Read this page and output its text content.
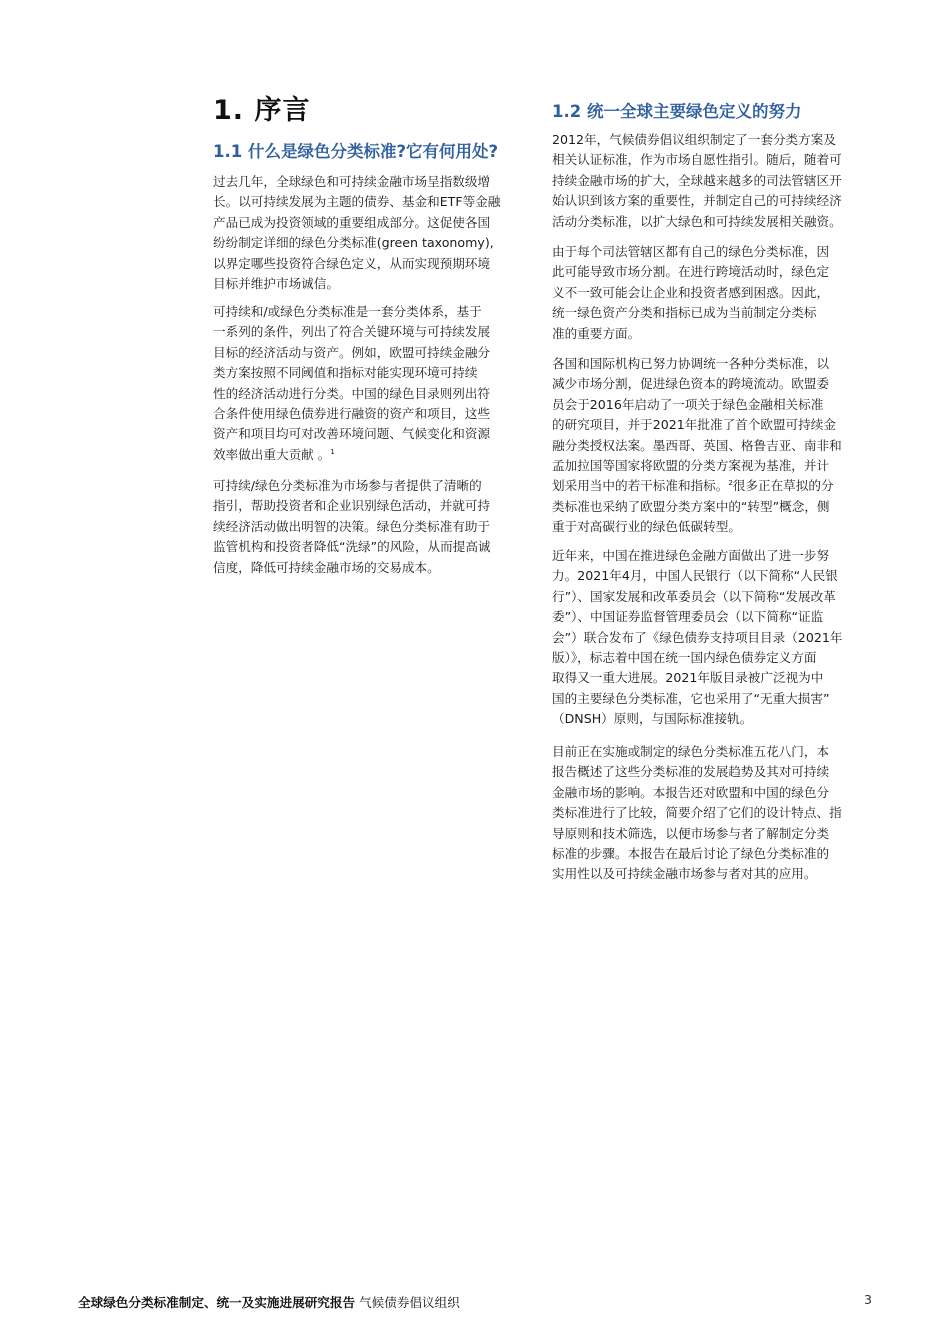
1. 序言
1.1 什么是绿色分类标准?它有何用处?
过去几年，全球绿色和可持续金融市场呈指数级增
长。以可持续发展为主题的债券、基金和ETF等金融
产品已成为投资领域的重要组成部分。这促使各国
纷纷制定详细的绿色分类标准(green taxonomy),
以界定哪些投资符合绿色定义，从而实现预期环境
目标并维护市场诚信。
可持续和/或绿色分类标准是一套分类体系，基于
一系列的条件，列出了符合关键环境与可持续发展
目标的经济活动与资产。例如，欧盟可持续金融分
类方案按照不同阈值和指标对能实现环境可持续
性的经济活动进行分类。中国的绿色目录则列出符
合条件使用绿色债券进行融资的资产和项目，这些
资产和项目均可对改善环境问题、气候变化和资源
效率做出重大贡献 。$^1$
可持续/绿色分类标准为市场参与者提供了清晰的
指引，帮助投资者和企业识别绿色活动，并就可持
续经济活动做出明智的决策。绿色分类标准有助于
监管机构和投资者降低“洗绿”的风险，从而提高诚
信度，降低可持续金融市场的交易成本。
1.2 统一全球主要绿色定义的努力
2012年，气候债券倡议组织制定了一套分类方案及
相关认证标准，作为市场自愿性指引。随后，随着可
持续金融市场的扩大，全球越来越多的司法管辖区开
始认识到该方案的重要性，并制定自己的可持续经济
活动分类标准，以扩大绿色和可持续发展相关融资。
由于每个司法管辖区都有自己的绿色分类标准，因
此可能导致市场分割。在进行跨境活动时，绿色定
义不一致可能会让企业和投资者感到困惑。因此，
统一绿色资产分类和指标已成为当前制定分类标
准的重要方面。
各国和国际机构已努力协调统一各种分类标准，以
减少市场分割，促进绿色资本的跨境流动。欧盟委
员会于2016年启动了一项关于绿色金融相关标准
的研究项目，并于2021年批准了首个欧盟可持续金
融分类授权法案。墨西哥、英国、格鲁吉亚、南非和
孟加拉国等国家将欧盟的分类方案视为基准，并计
划采用当中的若干标准和指标。$^2$很多正在草拟的分
类标准也采纳了欧盟分类方案中的“转型”概念，侧
重于对高碳行业的绿色低碳转型。
近年来，中国在推进绿色金融方面做出了进一步努
力。2021年4月，中国人民银行（以下简称“人民银
行”）、国家发展和改革委员会（以下简称“发展改革
委”）、中国证券监督管理委员会（以下简称“证监
会”）联合发布了《绿色债券支持项目目录（2021年
版）》，标志着中国在统一国内绿色债券定义方面
取得又一重大进展。2021年版目录被广泛视为中
国的主要绿色分类标准，它也采用了“无重大损害”
（DNSH）原则，与国际标准接轨。
目前正在实施或制定的绿色分类标准五花八门，本
报告概述了这些分类标准的发展趋势及其对可持续
金融市场的影响。本报告还对欧盟和中国的绿色分
类标准进行了比较，简要介绍了它们的设计特点、指
导原则和技术筛选，以便市场参与者了解制定分类
标准的步骤。本报告在最后讨论了绿色分类标准的
实用性以及可持续金融市场参与者对其的应用。
全球绿色分类标准制定、统一及实施进展研究报告 气候债券倡议组织	3
